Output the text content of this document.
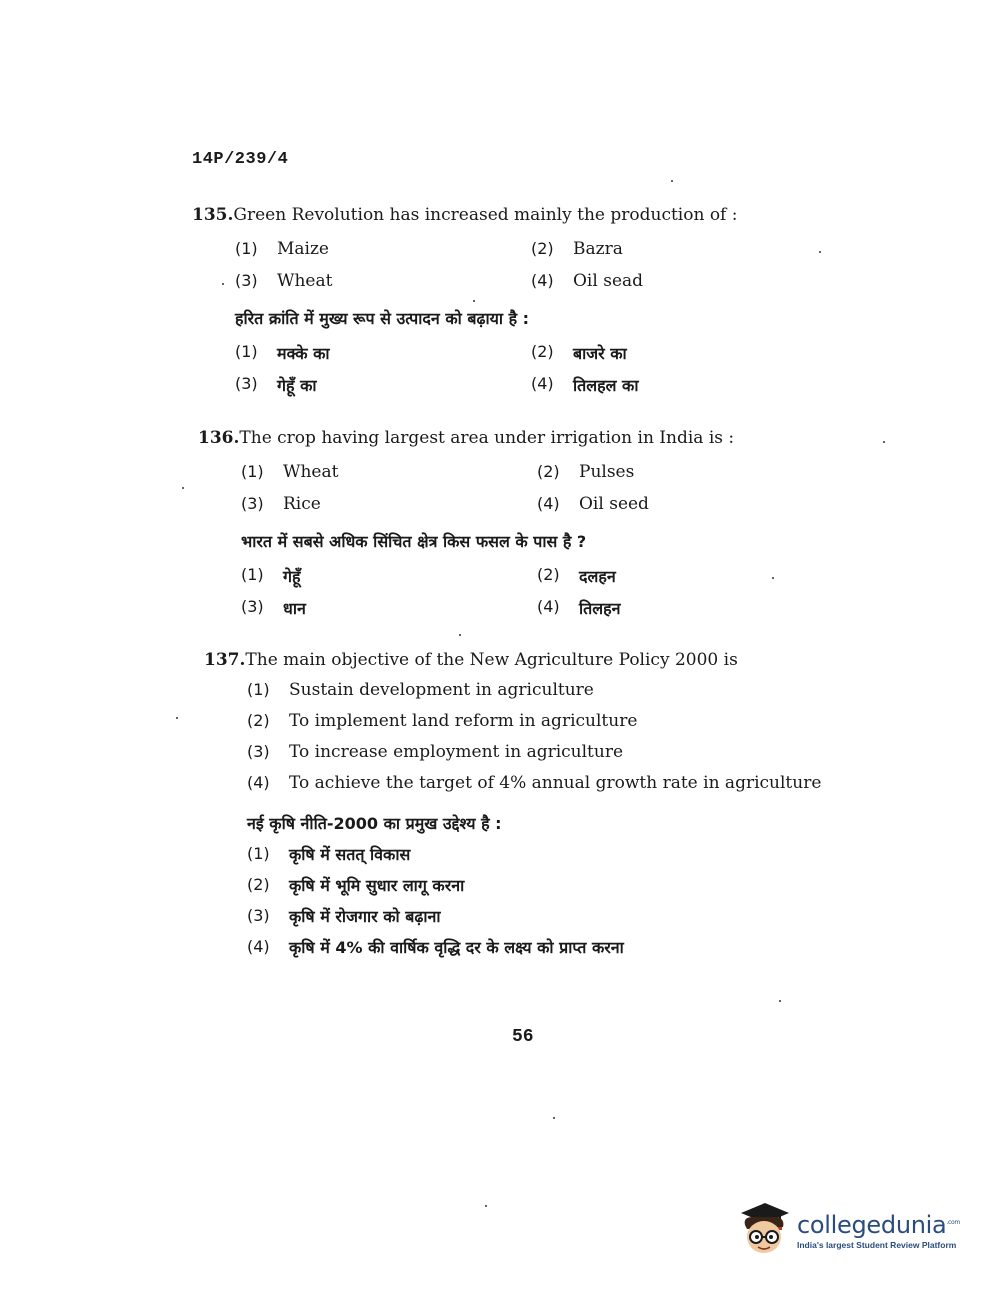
14P/239/4
135.Green Revolution has increased mainly the production of :
(1)	Maize	(2)	Bazra
(3)	Wheat	(4)	Oil sead
हरित क्रांति में मुख्य रूप से उत्पादन को बढ़ाया है :
(1)	मक्के का	(2)	बाजरे का
(3)	गेहूँ का	(4)	तिलहल का
136.The crop having largest area under irrigation in India is :
(1)	Wheat	(2)	Pulses
(3)	Rice	(4)	Oil seed
भारत में सबसे अधिक सिंचित क्षेत्र किस फसल के पास है ?
(1)	गेहूँ	(2)	दलहन
(3)	धान	(4)	तिलहन
137.The main objective of the New Agriculture Policy 2000 is
(1)	Sustain development in agriculture
(2)	To implement land reform in agriculture
(3)	To increase employment in agriculture
(4)	To achieve the target of 4% annual growth rate in agriculture
नई कृषि नीति-2000 का प्रमुख उद्देश्य है :
(1)	कृषि में सतत् विकास
(2)	कृषि में भूमि सुधार लागू करना
(3)	कृषि में रोजगार को बढ़ाना
(4)	कृषि में 4% की वार्षिक वृद्धि दर के लक्ष्य को प्राप्त करना
56
collegedunia$^{.com}$
India's largest Student Review Platform
